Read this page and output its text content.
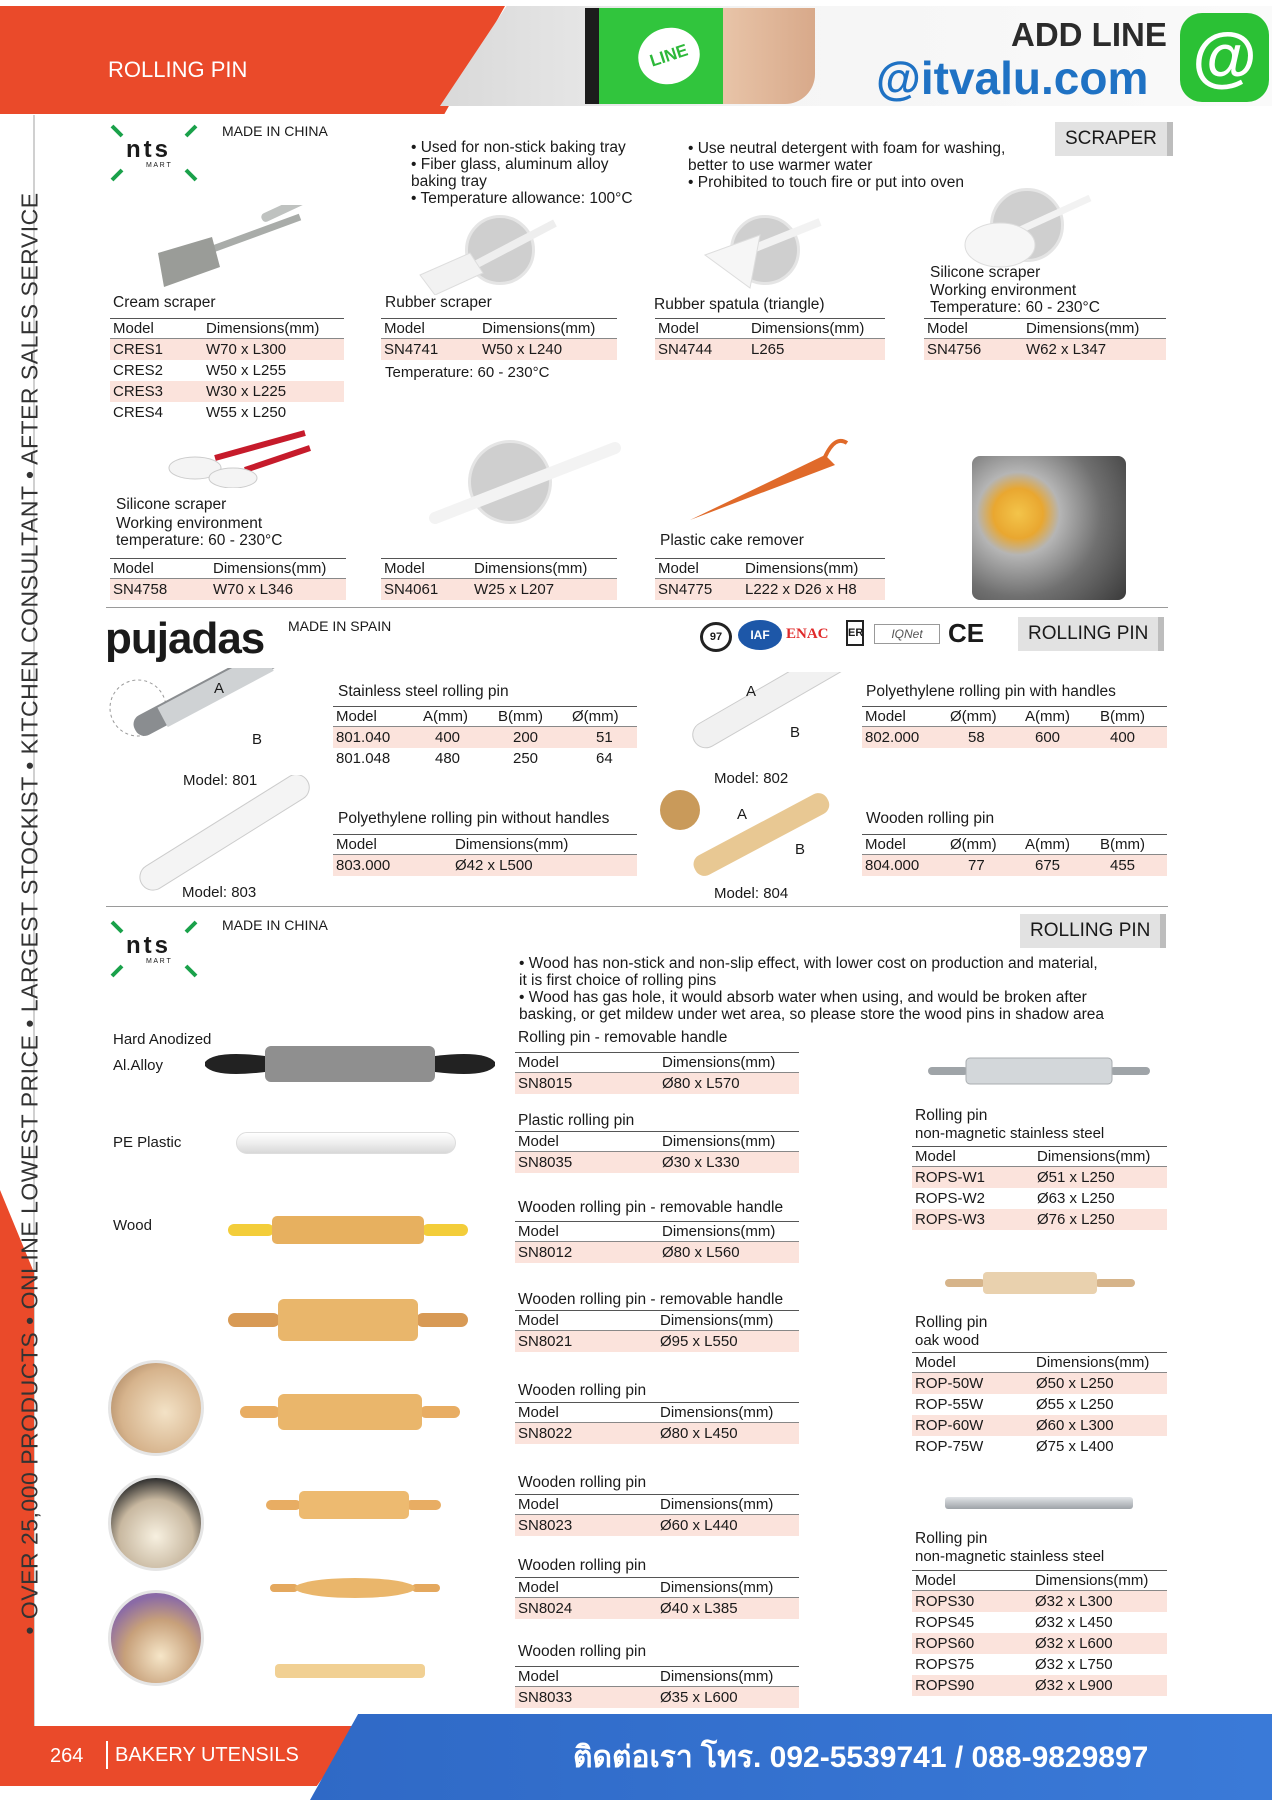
ROLLING PIN	LINE
ADD LINE
@itvalu.com @
• OVER 25,000 PRODUCTS • ONLINE LOWEST PRICE • LARGEST STOCKIST • KITCHEN CONSULTANT • AFTER SALES SERVICE
nts
M A R T
MADE IN CHINA
• Used for non-stick baking tray
• Fiber glass, aluminum alloy
baking tray
• Temperature allowance: 100°C
• Use neutral detergent with foam for washing,
better to use warmer water
• Prohibited to touch fire or put into oven
SCRAPER
Cream scraper
Model	Dimensions(mm)
CRES1	W70 x L300
CRES2	W50 x L255
CRES3	W30 x L225
CRES4	W55 x L250
Rubber scraper
Model	Dimensions(mm)
SN4741	W50 x L240
Temperature: 60 - 230°C
Rubber spatula (triangle)
Model	Dimensions(mm)
SN4744	L265
Silicone scraper
Working environment
Temperature: 60 - 230°C
Model	Dimensions(mm)
SN4756	W62 x L347
Silicone scraper
Working environment
temperature: 60 - 230°C
Model	Dimensions(mm)
SN4758	W70 x L346
Model	Dimensions(mm)
SN4061	W25 x L207
Plastic cake remover
Model	Dimensions(mm)
SN4775	L222 x D26 x H8
pujadas MADE IN SPAIN
97	IAF	ENAC	ER	IQNet CE	ROLLING PIN
A
B
Model: 801
Stainless steel rolling pin
Model	A(mm)	B(mm)	Ø(mm)
801.040	400	200	51
801.048	480	250	64
A
B
Model: 802
Polyethylene rolling pin with handles
Model	Ø(mm)	A(mm)	B(mm)
802.000	58	600	400
Model: 803
Polyethylene rolling pin without handles
Model	Dimensions(mm)
803.000	Ø42 x L500
A
B
Model: 804
Wooden rolling pin
Model	Ø(mm)	A(mm)	B(mm)
804.000	77	675	455
nts
M A R T
MADE IN CHINA	ROLLING PIN
• Wood has non-stick and non-slip effect, with lower cost on production and material,
it is first choice of rolling pins
• Wood has gas hole, it would absorb water when using, and would be broken after
basking, or get mildew under wet area, so please store the wood pins in shadow area
Hard Anodized
Al.Alloy
PE Plastic
Wood
Rolling pin - removable handle
Model	Dimensions(mm)
SN8015	Ø80 x L570
Plastic rolling pin
Model	Dimensions(mm)
SN8035	Ø30 x L330
Wooden rolling pin - removable handle
Model	Dimensions(mm)
SN8012	Ø80 x L560
Wooden rolling pin - removable handle
Model	Dimensions(mm)
SN8021	Ø95 x L550
Wooden rolling pin
Model	Dimensions(mm)
SN8022	Ø80 x L450
Wooden rolling pin
Model	Dimensions(mm)
SN8023	Ø60 x L440
Wooden rolling pin
Model	Dimensions(mm)
SN8024	Ø40 x L385
Wooden rolling pin
Model	Dimensions(mm)
SN8033	Ø35 x L600
Rolling pin
non-magnetic stainless steel
Model	Dimensions(mm)
ROPS-W1	Ø51 x L250
ROPS-W2	Ø63 x L250
ROPS-W3	Ø76 x L250
Rolling pin
oak wood
Model	Dimensions(mm)
ROP-50W	Ø50 x L250
ROP-55W	Ø55 x L250
ROP-60W	Ø60 x L300
ROP-75W	Ø75 x L400
Rolling pin
non-magnetic stainless steel
Model	Dimensions(mm)
ROPS30	Ø32 x L300
ROPS45	Ø32 x L450
ROPS60	Ø32 x L600
ROPS75	Ø32 x L750
ROPS90	Ø32 x L900
264 BAKERY UTENSILS	ติดต่อเรา โทร. 092-5539741 / 088-9829897
